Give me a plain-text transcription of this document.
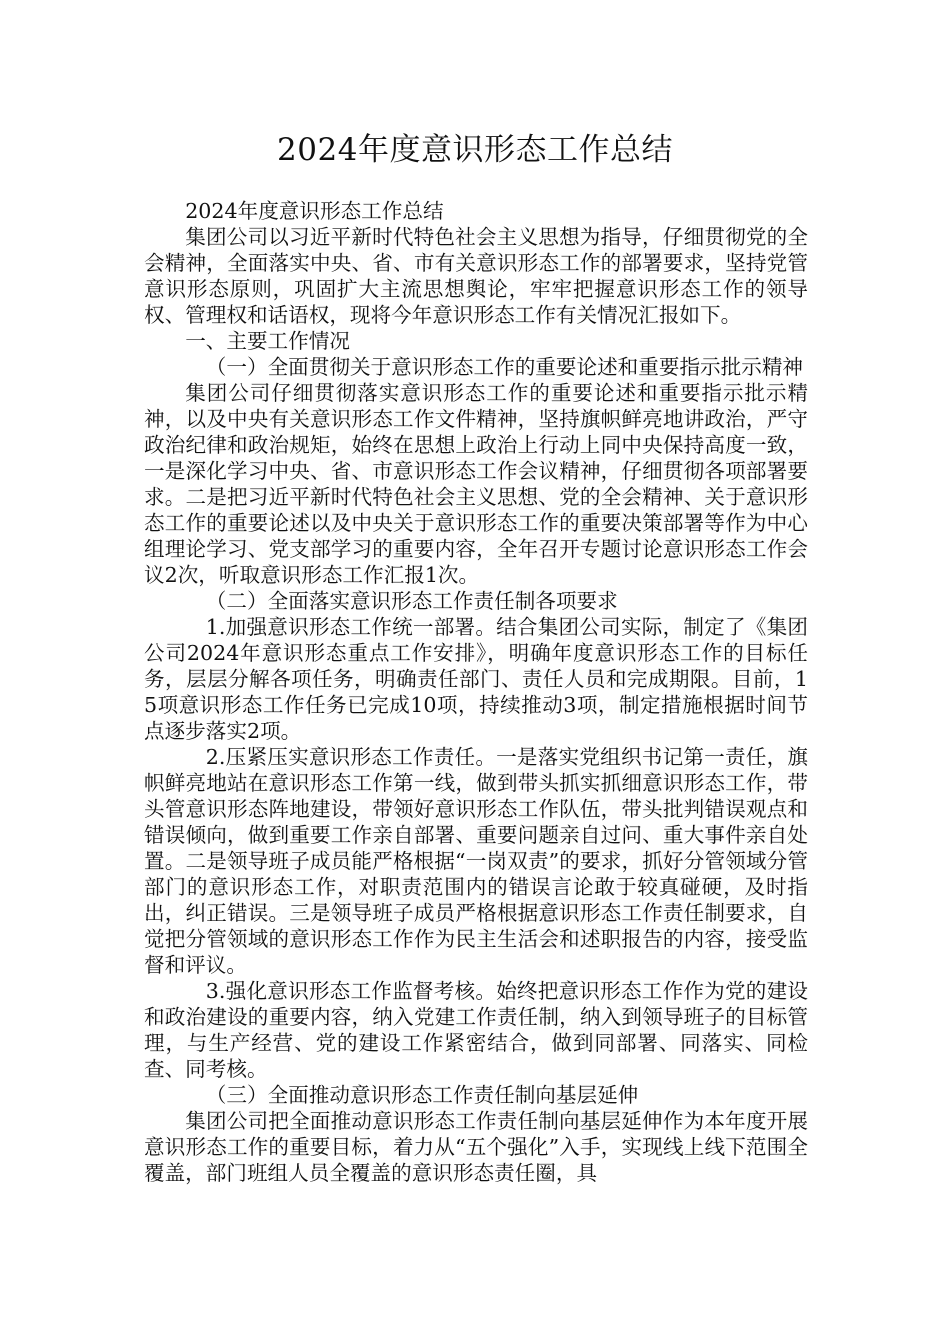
2024年度意识形态工作总结

2024年度意识形态工作总结

集团公司以习近平新时代特色社会主义思想为指导，仔细贯彻党的全会精神，全面落实中央、省、市有关意识形态工作的部署要求，坚持党管意识形态原则，巩固扩大主流思想舆论，牢牢把握意识形态工作的领导权、管理权和话语权，现将今年意识形态工作有关情况汇报如下。

一、主要工作情况

（一）全面贯彻关于意识形态工作的重要论述和重要指示批示精神

集团公司仔细贯彻落实意识形态工作的重要论述和重要指示批示精神，以及中央有关意识形态工作文件精神，坚持旗帜鲜亮地讲政治，严守政治纪律和政治规矩，始终在思想上政治上行动上同中央保持高度一致，一是深化学习中央、省、市意识形态工作会议精神，仔细贯彻各项部署要求。二是把习近平新时代特色社会主义思想、党的全会精神、关于意识形态工作的重要论述以及中央关于意识形态工作的重要决策部署等作为中心组理论学习、党支部学习的重要内容，全年召开专题讨论意识形态工作会议2次，听取意识形态工作汇报1次。

（二）全面落实意识形态工作责任制各项要求

1.加强意识形态工作统一部署。结合集团公司实际，制定了《集团公司2024年意识形态重点工作安排》，明确年度意识形态工作的目标任务，层层分解各项任务，明确责任部门、责任人员和完成期限。目前，15项意识形态工作任务已完成10项，持续推动3项，制定措施根据时间节点逐步落实2项。

2.压紧压实意识形态工作责任。一是落实党组织书记第一责任，旗帜鲜亮地站在意识形态工作第一线，做到带头抓实抓细意识形态工作，带头管意识形态阵地建设，带领好意识形态工作队伍，带头批判错误观点和错误倾向，做到重要工作亲自部署、重要问题亲自过问、重大事件亲自处置。二是领导班子成员能严格根据“一岗双责”的要求，抓好分管领域分管部门的意识形态工作，对职责范围内的错误言论敢于较真碰硬，及时指出，纠正错误。三是领导班子成员严格根据意识形态工作责任制要求，自觉把分管领域的意识形态工作作为民主生活会和述职报告的内容，接受监督和评议。

3.强化意识形态工作监督考核。始终把意识形态工作作为党的建设和政治建设的重要内容，纳入党建工作责任制，纳入到领导班子的目标管理，与生产经营、党的建设工作紧密结合，做到同部署、同落实、同检查、同考核。

（三）全面推动意识形态工作责任制向基层延伸

集团公司把全面推动意识形态工作责任制向基层延伸作为本年度开展意识形态工作的重要目标，着力从“五个强化”入手，实现线上线下范围全覆盖，部门班组人员全覆盖的意识形态责任圈，具
